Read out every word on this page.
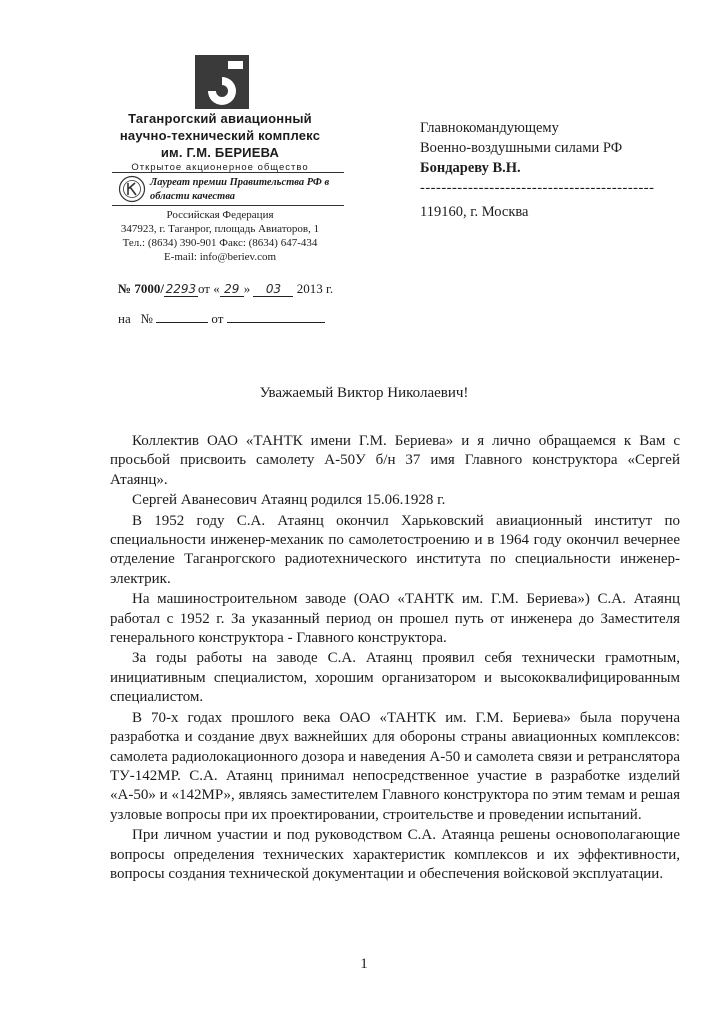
Таганрогский авиационный
научно-технический комплекс
им. Г.М. БЕРИЕВА
Открытое акционерное общество
Лауреат премии Правительства РФ в
области качества
Российская Федерация
347923, г. Таганрог, площадь Авиаторов, 1
Тел.: (8634) 390-901 Факс: (8634) 647-434
E-mail: info@beriev.com
№ 7000/ 2293 от « 29 » 03 2013 г.
на   №	от
Главнокомандующему
Военно-воздушными силами РФ
Бондареву В.Н.
--------------------------------------------
119160, г. Москва
Уважаемый Виктор Николаевич!

Коллектив ОАО «ТАНТК имени Г.М. Бериева» и я лично обращаемся к Вам с просьбой присвоить самолету А-50У б/н 37 имя Главного конструктора «Сергей Атаянц».

Сергей Аванесович Атаянц родился 15.06.1928 г.

В 1952 году С.А. Атаянц окончил Харьковский авиационный институт по специальности инженер-механик по самолетостроению и в 1964 году окончил вечернее отделение Таганрогского радиотехнического института по специальности инженер-электрик.

На машиностроительном заводе (ОАО «ТАНТК им. Г.М. Бериева») С.А. Атаянц работал с 1952 г. За указанный период он прошел путь от инженера до Заместителя генерального конструктора - Главного конструктора.

За годы работы на заводе С.А. Атаянц проявил себя технически грамотным, инициативным специалистом, хорошим организатором и высококвалифицированным специалистом.

В 70-х годах прошлого века ОАО «ТАНТК им. Г.М. Бериева» была поручена разработка и создание двух важнейших для обороны страны авиационных комплексов: самолета радиолокационного дозора и наведения А-50 и самолета связи и ретранслятора ТУ-142МР. С.А. Атаянц принимал непосредственное участие в разработке изделий «А-50» и «142МР», являясь заместителем Главного конструктора по этим темам и решая узловые вопросы при их проектировании, строительстве и проведении испытаний.

При личном участии и под руководством С.А. Атаянца решены основополагающие вопросы определения технических характеристик комплексов и их эффективности, вопросы создания технической документации и обеспечения войсковой эксплуатации.

1
